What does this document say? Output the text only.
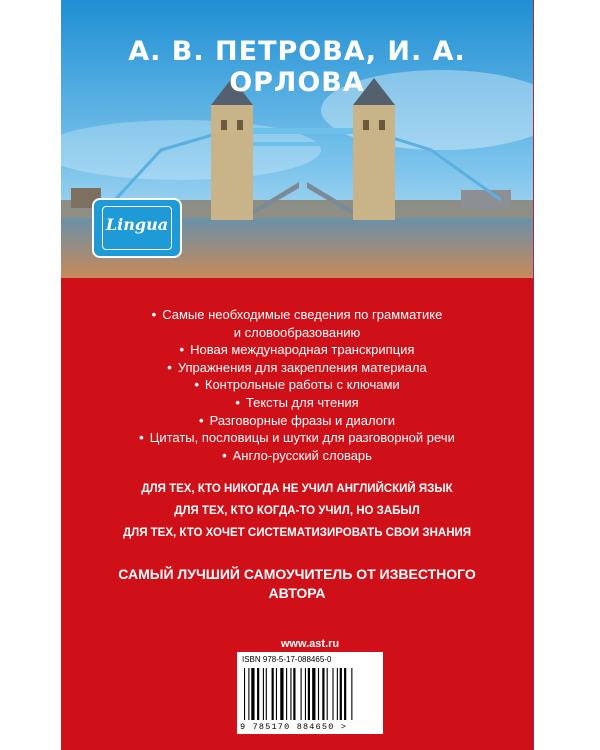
А. В. ПЕТРОВА, И. А. ОРЛОВА
Lingua
• Самые необходимые сведения по грамматике
и словообразованию
• Новая международная транскрипция
• Упражнения для закрепления материала
• Контрольные работы с ключами
• Тексты для чтения
• Разговорные фразы и диалоги
• Цитаты, пословицы и шутки для разговорной речи
• Англо-русский словарь
ДЛЯ ТЕХ, КТО НИКОГДА НЕ УЧИЛ АНГЛИЙСКИЙ ЯЗЫК
ДЛЯ ТЕХ, КТО КОГДА-ТО УЧИЛ, НО ЗАБЫЛ
ДЛЯ ТЕХ, КТО ХОЧЕТ СИСТЕМАТИЗИРОВАТЬ СВОИ ЗНАНИЯ
САМЫЙ ЛУЧШИЙ САМОУЧИТЕЛЬ ОТ ИЗВЕСТНОГО
АВТОРА
www.ast.ru
ISBN 978-5-17-088465-0
9 785170 884650 >
